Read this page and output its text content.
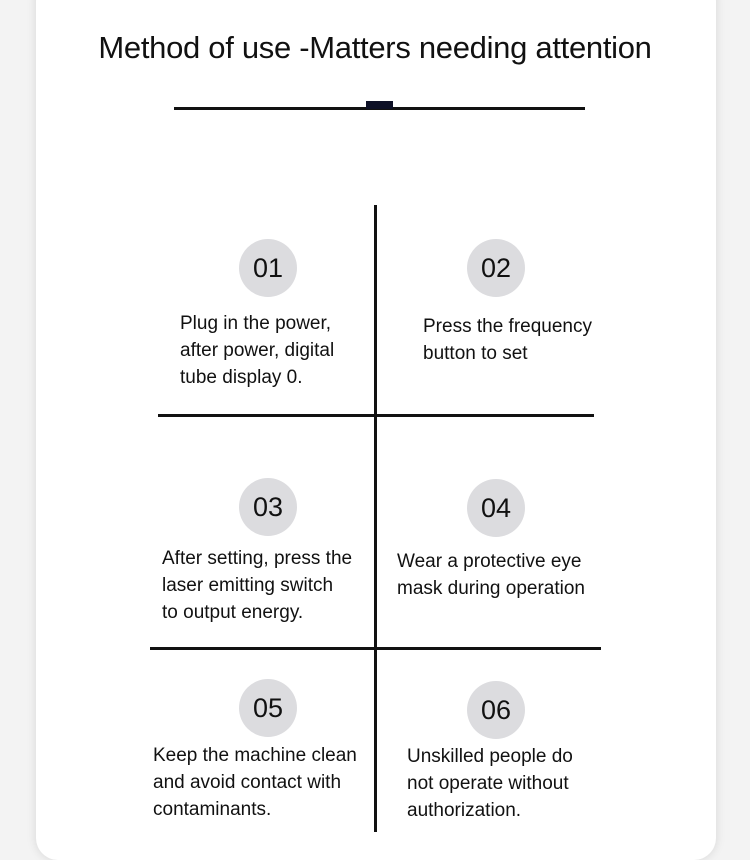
Method of use -Matters needing attention
01
Plug in the power,
after power, digital
tube display 0.
02
Press the frequency
button to set
03
After setting, press the
laser emitting switch
to output energy.
04
Wear a protective eye
mask during operation
05
Keep the machine clean
and avoid contact with
contaminants.
06
Unskilled people do
not operate without
authorization.
